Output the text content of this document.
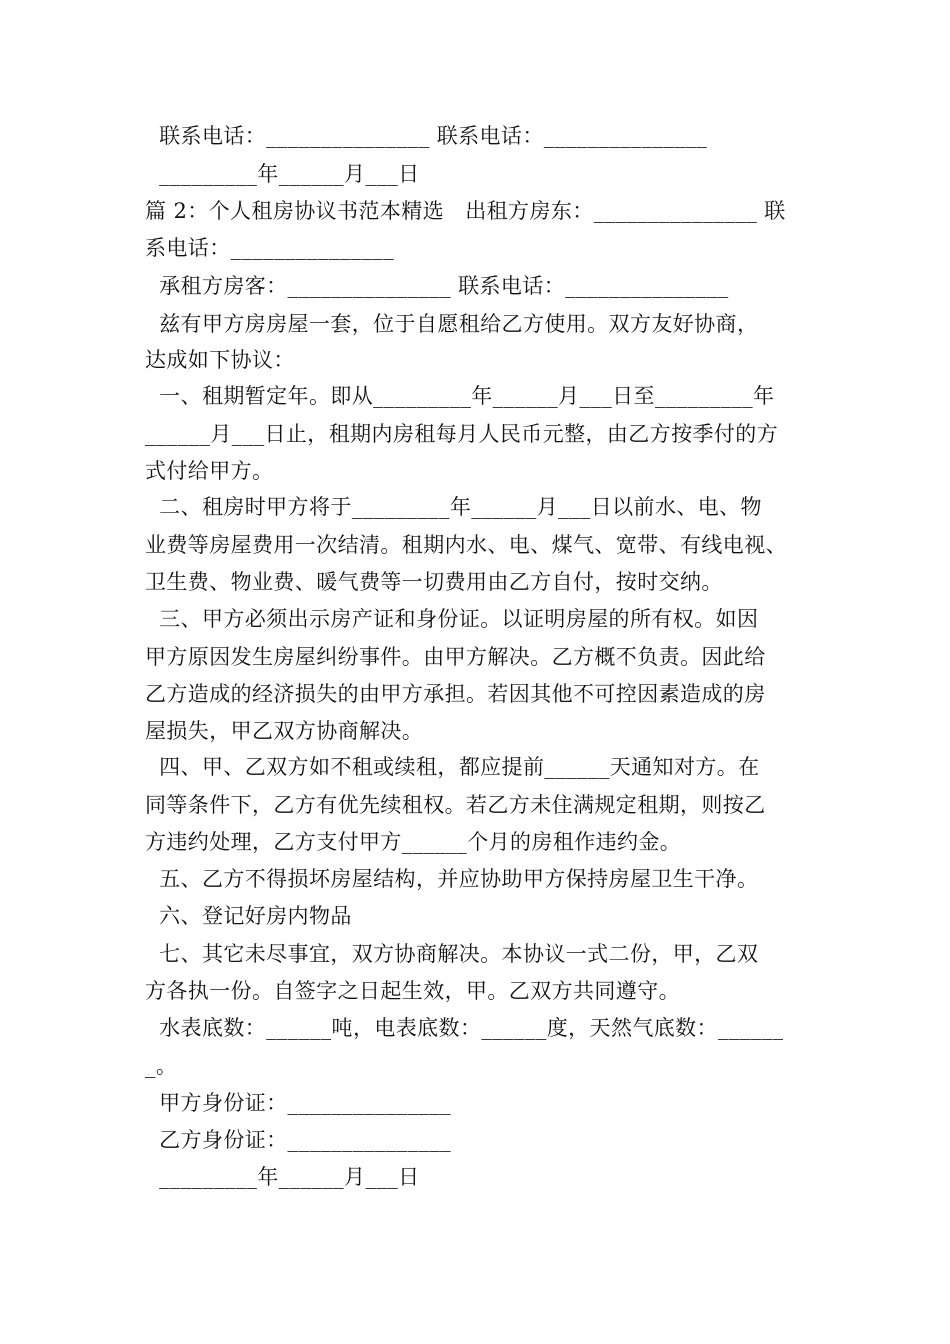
联系电话：_______________ 联系电话：_______________
_________年______月___日
篇 2：个人租房协议书范本精选   出租方房东：_______________ 联
系电话：_______________
承租方房客：_______________ 联系电话：_______________
兹有甲方房房屋一套，位于自愿租给乙方使用。双方友好协商，
达成如下协议：
一、租期暂定年。即从_________年______月___日至_________年
______月___日止，租期内房租每月人民币元整，由乙方按季付的方
式付给甲方。
二、租房时甲方将于_________年______月___日以前水、电、物
业费等房屋费用一次结清。租期内水、电、煤气、宽带、有线电视、
卫生费、物业费、暖气费等一切费用由乙方自付，按时交纳。
三、甲方必须出示房产证和身份证。以证明房屋的所有权。如因
甲方原因发生房屋纠纷事件。由甲方解决。乙方概不负责。因此给
乙方造成的经济损失的由甲方承担。若因其他不可控因素造成的房
屋损失，甲乙双方协商解决。
四、甲、乙双方如不租或续租，都应提前______天通知对方。在
同等条件下，乙方有优先续租权。若乙方未住满规定租期，则按乙
方违约处理，乙方支付甲方______个月的房租作违约金。
五、乙方不得损坏房屋结构，并应协助甲方保持房屋卫生干净。
六、登记好房内物品
七、其它未尽事宜，双方协商解决。本协议一式二份，甲，乙双
方各执一份。自签字之日起生效，甲。乙双方共同遵守。
水表底数：______吨，电表底数：______度，天然气底数：______
_。
甲方身份证：_______________
乙方身份证：_______________
_________年______月___日
